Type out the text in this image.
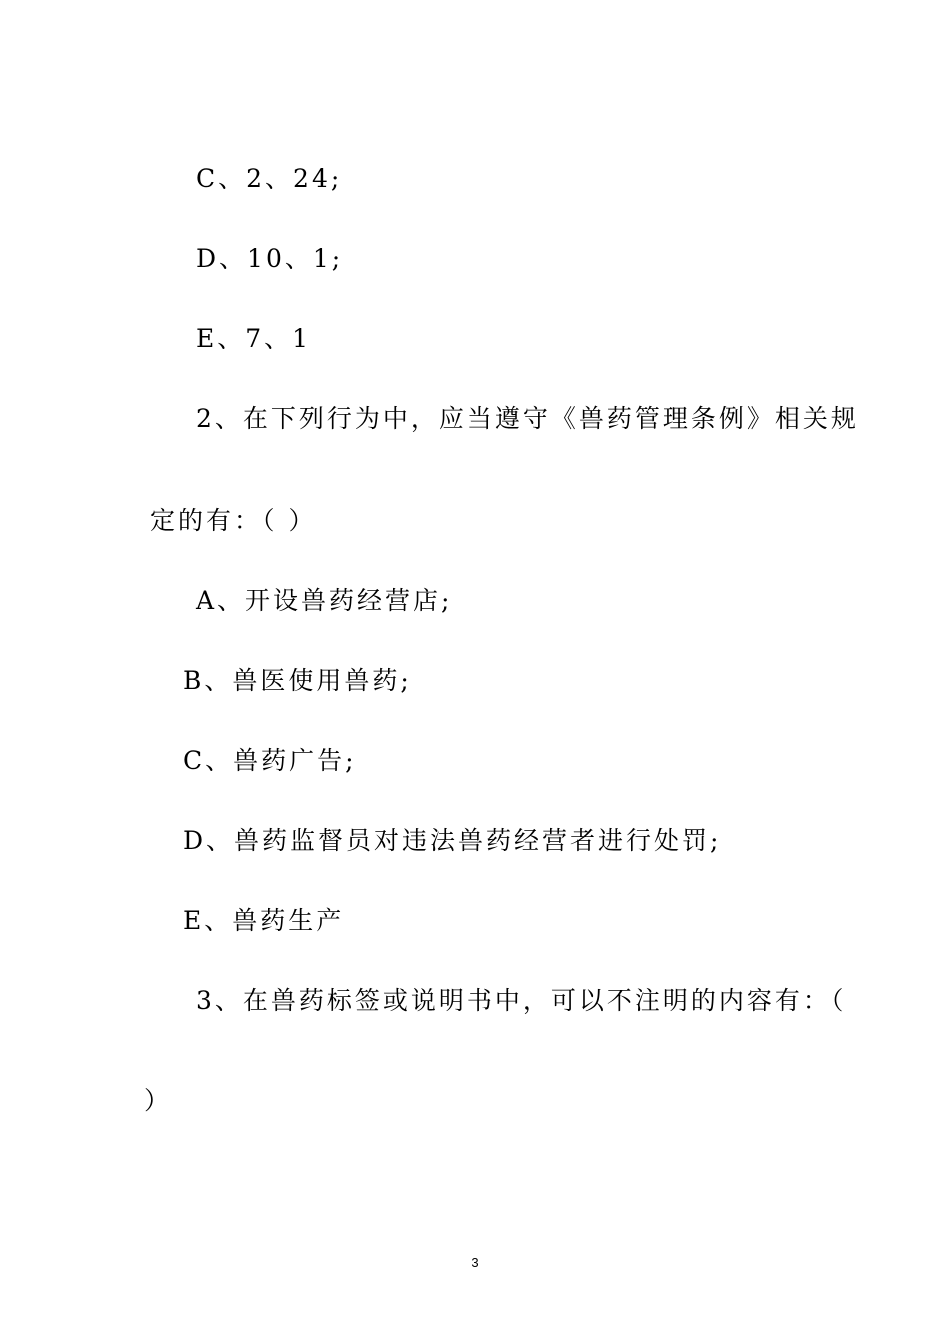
C、2、24;
D、10、1;
E、7、1
2、在下列行为中，应当遵守《兽药管理条例》相关规
定的有：（ ）
A、开设兽药经营店;
B、兽医使用兽药;
C、兽药广告;
D、兽药监督员对违法兽药经营者进行处罚;
E、兽药生产
3、在兽药标签或说明书中，可以不注明的内容有：（
）
3
